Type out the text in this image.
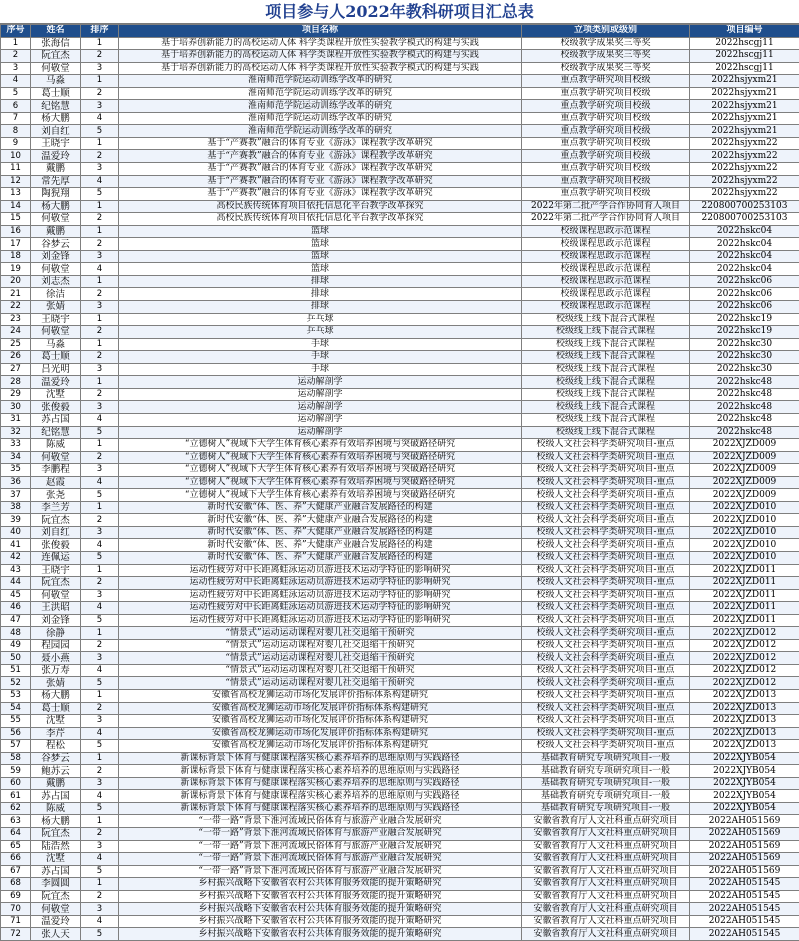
项目参与人2022年教科研项目汇总表
序号	姓名	排序	项目名称	立项类别或级别	项目编号
1	张海信	1	基于培养创新能力的高校运动人体 科学类课程开放性实验教学模式的构建与实践	校级教学成果奖三等奖	2022hscgj11
2	阮宜杰	2	基于培养创新能力的高校运动人体 科学类课程开放性实验教学模式的构建与实践	校级教学成果奖三等奖	2022hscgj11
3	何敬堂	3	基于培养创新能力的高校运动人体 科学类课程开放性实验教学模式的构建与实践	校级教学成果奖三等奖	2022hscgj11
4	马淼	1	淮南师范学院运动训练学改革的研究	重点教学研究项目校级	2022hsjyxm21
5	葛士顺	2	淮南师范学院运动训练学改革的研究	重点教学研究项目校级	2022hsjyxm21
6	纪铭慧	3	淮南师范学院运动训练学改革的研究	重点教学研究项目校级	2022hsjyxm21
7	杨大鹏	4	淮南师范学院运动训练学改革的研究	重点教学研究项目校级	2022hsjyxm21
8	刘自红	5	淮南师范学院运动训练学改革的研究	重点教学研究项目校级	2022hsjyxm21
9	王晓宇	1	基于“产赛教”融合的体育专业《游泳》课程教学改革研究	重点教学研究项目校级	2022hsjyxm22
10	温爱玲	2	基于“产赛教”融合的体育专业《游泳》课程教学改革研究	重点教学研究项目校级	2022hsjyxm22
11	戴鹏	3	基于“产赛教”融合的体育专业《游泳》课程教学改革研究	重点教学研究项目校级	2022hsjyxm22
12	常先厚	4	基于“产赛教”融合的体育专业《游泳》课程教学改革研究	重点教学研究项目校级	2022hsjyxm22
13	陶猊翔	5	基于“产赛教”融合的体育专业《游泳》课程教学改革研究	重点教学研究项目校级	2022hsjyxm22
14	杨大鹏	1	高校民族传统体育项目依托信息化平台教学改革探究	2022年第二批产学合作协同育人项目	220800700253103
15	何敬堂	2	高校民族传统体育项目依托信息化平台教学改革探究	2022年第二批产学合作协同育人项目	220800700253103
16	戴鹏	1	篮球	校级课程思政示范课程	2022hskc04
17	谷梦云	2	篮球	校级课程思政示范课程	2022hskc04
18	刘金锋	3	篮球	校级课程思政示范课程	2022hskc04
19	何敬堂	4	篮球	校级课程思政示范课程	2022hskc04
20	刘志杰	1	排球	校级课程思政示范课程	2022hskc06
21	徐洁	2	排球	校级课程思政示范课程	2022hskc06
22	张婧	3	排球	校级课程思政示范课程	2022hskc06
23	王晓宇	1	乒乓球	校级线上线下混合式课程	2022hskc19
24	何敬堂	2	乒乓球	校级线上线下混合式课程	2022hskc19
25	马淼	1	手球	校级线上线下混合式课程	2022hskc30
26	葛士顺	2	手球	校级线上线下混合式课程	2022hskc30
27	吕光明	3	手球	校级线上线下混合式课程	2022hskc30
28	温爱玲	1	运动解剖学	校级线上线下混合式课程	2022hskc48
29	沈墅	2	运动解剖学	校级线上线下混合式课程	2022hskc48
30	张俊毅	3	运动解剖学	校级线上线下混合式课程	2022hskc48
31	苏占国	4	运动解剖学	校级线上线下混合式课程	2022hskc48
32	纪铭慧	5	运动解剖学	校级线上线下混合式课程	2022hskc48
33	陈威	1	“立德树人”视域下大学生体育核心素养有效培养困境与突破路径研究	校级人文社会科学类研究项目-重点	2022XJZD009
34	何敬堂	2	“立德树人”视域下大学生体育核心素养有效培养困境与突破路径研究	校级人文社会科学类研究项目-重点	2022XJZD009
35	李鹏程	3	“立德树人”视域下大学生体育核心素养有效培养困境与突破路径研究	校级人文社会科学类研究项目-重点	2022XJZD009
36	赵霞	4	“立德树人”视域下大学生体育核心素养有效培养困境与突破路径研究	校级人文社会科学类研究项目-重点	2022XJZD009
37	张尧	5	“立德树人”视域下大学生体育核心素养有效培养困境与突破路径研究	校级人文社会科学类研究项目-重点	2022XJZD009
38	李兰芳	1	新时代安徽“体、医、养”大健康产业融合发展路径的构建	校级人文社会科学类研究项目-重点	2022XJZD010
39	阮宜杰	2	新时代安徽“体、医、养”大健康产业融合发展路径的构建	校级人文社会科学类研究项目-重点	2022XJZD010
40	刘自红	3	新时代安徽“体、医、养”大健康产业融合发展路径的构建	校级人文社会科学类研究项目-重点	2022XJZD010
41	张俊毅	4	新时代安徽“体、医、养”大健康产业融合发展路径的构建	校级人文社会科学类研究项目-重点	2022XJZD010
42	连佩运	5	新时代安徽“体、医、养”大健康产业融合发展路径的构建	校级人文社会科学类研究项目-重点	2022XJZD010
43	王晓宇	1	运动性疲劳对中长距离蛙泳运动员游进技术运动学特征的影响研究	校级人文社会科学类研究项目-重点	2022XJZD011
44	阮宜杰	2	运动性疲劳对中长距离蛙泳运动员游进技术运动学特征的影响研究	校级人文社会科学类研究项目-重点	2022XJZD011
45	何敬堂	3	运动性疲劳对中长距离蛙泳运动员游进技术运动学特征的影响研究	校级人文社会科学类研究项目-重点	2022XJZD011
46	王洪昭	4	运动性疲劳对中长距离蛙泳运动员游进技术运动学特征的影响研究	校级人文社会科学类研究项目-重点	2022XJZD011
47	刘金锋	5	运动性疲劳对中长距离蛙泳运动员游进技术运动学特征的影响研究	校级人文社会科学类研究项目-重点	2022XJZD011
48	徐静	1	“情景式”运动运动课程对婴儿社交退缩干预研究	校级人文社会科学类研究项目-重点	2022XJZD012
49	程园园	2	“情景式”运动运动课程对婴儿社交退缩干预研究	校级人文社会科学类研究项目-重点	2022XJZD012
50	聂小燕	3	“情景式”运动运动课程对婴儿社交退缩干预研究	校级人文社会科学类研究项目-重点	2022XJZD012
51	张万寿	4	“情景式”运动运动课程对婴儿社交退缩干预研究	校级人文社会科学类研究项目-重点	2022XJZD012
52	张婧	5	“情景式”运动运动课程对婴儿社交退缩干预研究	校级人文社会科学类研究项目-重点	2022XJZD012
53	杨大鹏	1	安徽省高校龙狮运动市场化发展评价指标体系构建研究	校级人文社会科学类研究项目-重点	2022XJZD013
54	葛士顺	2	安徽省高校龙狮运动市场化发展评价指标体系构建研究	校级人文社会科学类研究项目-重点	2022XJZD013
55	沈墅	3	安徽省高校龙狮运动市场化发展评价指标体系构建研究	校级人文社会科学类研究项目-重点	2022XJZD013
56	李芹	4	安徽省高校龙狮运动市场化发展评价指标体系构建研究	校级人文社会科学类研究项目-重点	2022XJZD013
57	程松	5	安徽省高校龙狮运动市场化发展评价指标体系构建研究	校级人文社会科学类研究项目-重点	2022XJZD013
58	谷梦云	1	新课标背景下体育与健康课程落实核心素养培养的思维原则与实践路径	基础教育研究专项研究项目-一般	2022XJYB054
59	鲍苏云	2	新课标背景下体育与健康课程落实核心素养培养的思维原则与实践路径	基础教育研究专项研究项目-一般	2022XJYB054
60	戴鹏	3	新课标背景下体育与健康课程落实核心素养培养的思维原则与实践路径	基础教育研究专项研究项目-一般	2022XJYB054
61	苏占国	4	新课标背景下体育与健康课程落实核心素养培养的思维原则与实践路径	基础教育研究专项研究项目-一般	2022XJYB054
62	陈威	5	新课标背景下体育与健康课程落实核心素养培养的思维原则与实践路径	基础教育研究专项研究项目-一般	2022XJYB054
63	杨大鹏	1	“一带一路”背景下淮河流域民俗体育与旅游产业融合发展研究	安徽省教育厅人文社科重点研究项目	2022AH051569
64	阮宜杰	2	“一带一路”背景下淮河流域民俗体育与旅游产业融合发展研究	安徽省教育厅人文社科重点研究项目	2022AH051569
65	陆浩然	3	“一带一路”背景下淮河流域民俗体育与旅游产业融合发展研究	安徽省教育厅人文社科重点研究项目	2022AH051569
66	沈墅	4	“一带一路”背景下淮河流域民俗体育与旅游产业融合发展研究	安徽省教育厅人文社科重点研究项目	2022AH051569
67	苏占国	5	“一带一路”背景下淮河流域民俗体育与旅游产业融合发展研究	安徽省教育厅人文社科重点研究项目	2022AH051569
68	李圆圆	1	乡村振兴战略下安徽省农村公共体育服务效能的提升策略研究	安徽省教育厅人文社科重点研究项目	2022AH051545
69	阮宜杰	2	乡村振兴战略下安徽省农村公共体育服务效能的提升策略研究	安徽省教育厅人文社科重点研究项目	2022AH051545
70	何敬堂	3	乡村振兴战略下安徽省农村公共体育服务效能的提升策略研究	安徽省教育厅人文社科重点研究项目	2022AH051545
71	温爱玲	4	乡村振兴战略下安徽省农村公共体育服务效能的提升策略研究	安徽省教育厅人文社科重点研究项目	2022AH051545
72	张人天	5	乡村振兴战略下安徽省农村公共体育服务效能的提升策略研究	安徽省教育厅人文社科重点研究项目	2022AH051545
